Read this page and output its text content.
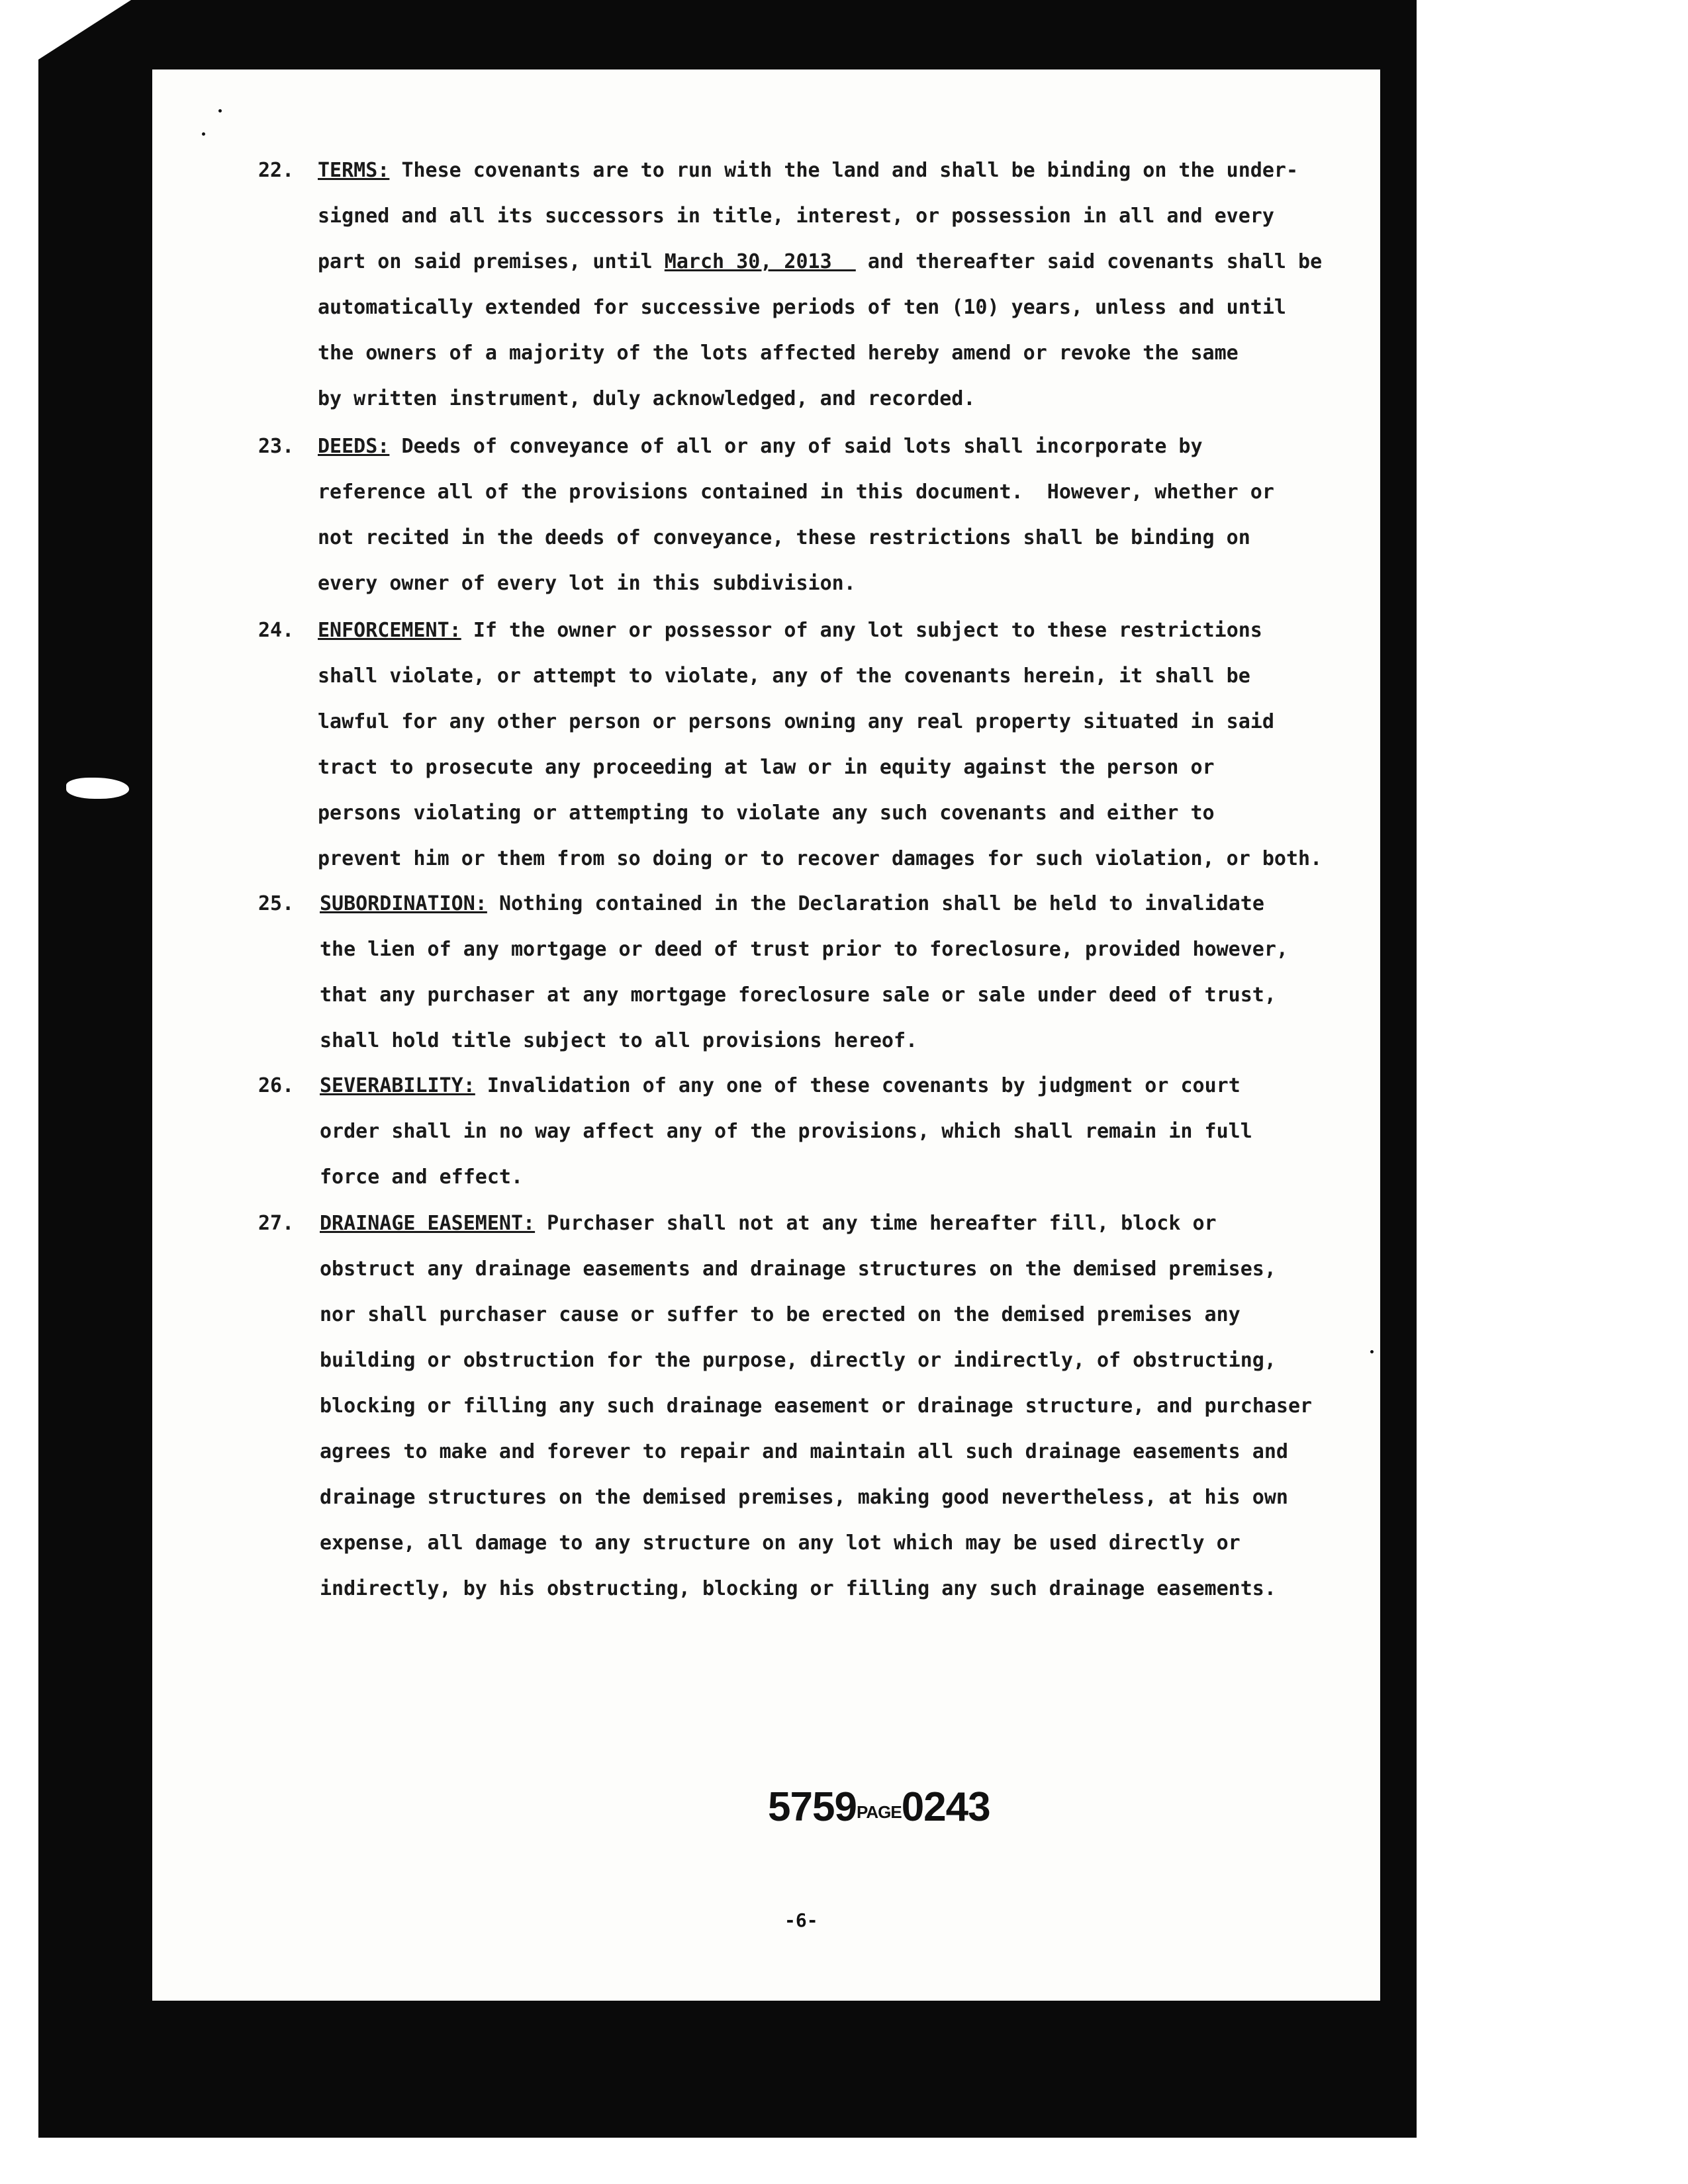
22. TERMS: These covenants are to run with the land and shall be binding on the under-
signed and all its successors in title, interest, or possession in all and every
part on said premises, until March 30, 2013   and thereafter said covenants shall be
automatically extended for successive periods of ten (10) years, unless and until
the owners of a majority of the lots affected hereby amend or revoke the same
by written instrument, duly acknowledged, and recorded.
23. DEEDS: Deeds of conveyance of all or any of said lots shall incorporate by
reference all of the provisions contained in this document.  However, whether or
not recited in the deeds of conveyance, these restrictions shall be binding on
every owner of every lot in this subdivision.
24. ENFORCEMENT: If the owner or possessor of any lot subject to these restrictions
shall violate, or attempt to violate, any of the covenants herein, it shall be
lawful for any other person or persons owning any real property situated in said
tract to prosecute any proceeding at law or in equity against the person or
persons violating or attempting to violate any such covenants and either to
prevent him or them from so doing or to recover damages for such violation, or both.
25. SUBORDINATION: Nothing contained in the Declaration shall be held to invalidate
the lien of any mortgage or deed of trust prior to foreclosure, provided however,
that any purchaser at any mortgage foreclosure sale or sale under deed of trust,
shall hold title subject to all provisions hereof.
26. SEVERABILITY: Invalidation of any one of these covenants by judgment or court
order shall in no way affect any of the provisions, which shall remain in full
force and effect.
27. DRAINAGE EASEMENT: Purchaser shall not at any time hereafter fill, block or
obstruct any drainage easements and drainage structures on the demised premises,
nor shall purchaser cause or suffer to be erected on the demised premises any
building or obstruction for the purpose, directly or indirectly, of obstructing,
blocking or filling any such drainage easement or drainage structure, and purchaser
agrees to make and forever to repair and maintain all such drainage easements and
drainage structures on the demised premises, making good nevertheless, at his own
expense, all damage to any structure on any lot which may be used directly or
indirectly, by his obstructing, blocking or filling any such drainage easements.
5759PAGE0243
-6-
